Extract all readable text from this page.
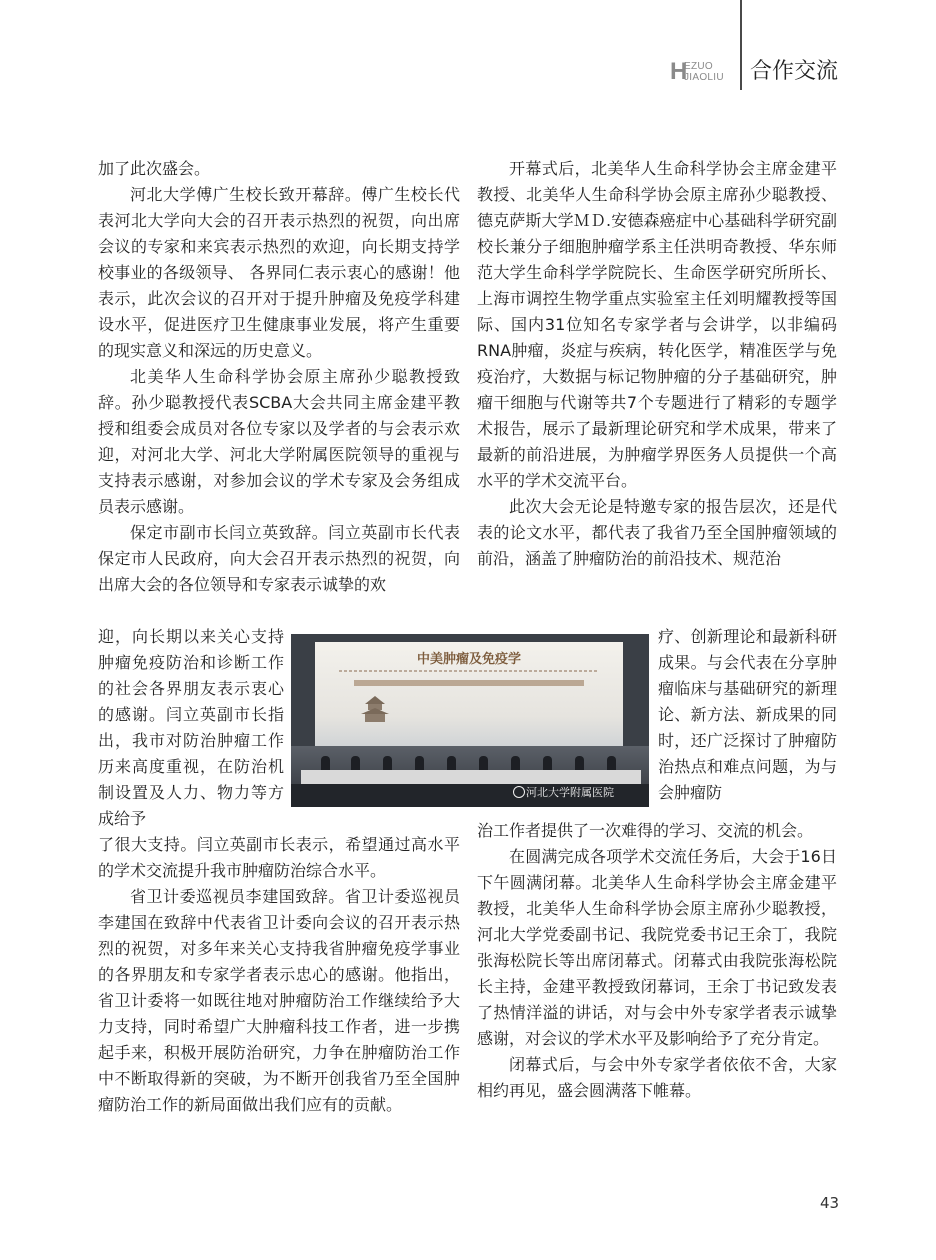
H
EZUO
JIAOLIU 合作交流

加了此次盛会。

河北大学傅广生校长致开幕辞。傅广生校长代表河北大学向大会的召开表示热烈的祝贺，向出席会议的专家和来宾表示热烈的欢迎，向长期支持学校事业的各级领导、 各界同仁表示衷心的感谢！他表示，此次会议的召开对于提升肿瘤及免疫学科建设水平，促进医疗卫生健康事业发展，将产生重要的现实意义和深远的历史意义。

北美华人生命科学协会原主席孙少聪教授致辞。孙少聪教授代表SCBA大会共同主席金建平教授和组委会成员对各位专家以及学者的与会表示欢迎，对河北大学、河北大学附属医院领导的重视与支持表示感谢，对参加会议的学术专家及会务组成员表示感谢。

保定市副市长闫立英致辞。闫立英副市长代表保定市人民政府，向大会召开表示热烈的祝贺，向出席大会的各位领导和专家表示诚挚的欢

迎，向长期以来关心支持肿瘤免疫防治和诊断工作的社会各界朋友表示衷心的感谢。闫立英副市长指出，我市对防治肿瘤工作历来高度重视，在防治机制设置及人力、物力等方成给予

了很大支持。闫立英副市长表示，希望通过高水平的学术交流提升我市肿瘤防治综合水平。

省卫计委巡视员李建国致辞。省卫计委巡视员李建国在致辞中代表省卫计委向会议的召开表示热烈的祝贺，对多年来关心支持我省肿瘤免疫学事业的各界朋友和专家学者表示忠心的感谢。他指出，省卫计委将一如既往地对肿瘤防治工作继续给予大力支持，同时希望广大肿瘤科技工作者，进一步携起手来，积极开展防治研究，力争在肿瘤防治工作中不断取得新的突破，为不断开创我省乃至全国肿瘤防治工作的新局面做出我们应有的贡献。

开幕式后，北美华人生命科学协会主席金建平教授、北美华人生命科学协会原主席孙少聪教授、德克萨斯大学ＭＤ.安德森癌症中心基础科学研究副校长兼分子细胞肿瘤学系主任洪明奇教授、华东师范大学生命科学学院院长、生命医学研究所所长、上海市调控生物学重点实验室主任刘明耀教授等国际、国内31位知名专家学者与会讲学，以非编码RNA肿瘤，炎症与疾病，转化医学，精准医学与免疫治疗，大数据与标记物肿瘤的分子基础研究，肿瘤干细胞与代谢等共7个专题进行了精彩的专题学术报告，展示了最新理论研究和学术成果，带来了最新的前沿进展，为肿瘤学界医务人员提供一个高水平的学术交流平台。

此次大会无论是特邀专家的报告层次，还是代表的论文水平，都代表了我省乃至全国肿瘤领域的前沿，涵盖了肿瘤防治的前沿技术、规范治

疗、创新理论和最新科研成果。与会代表在分享肿瘤临床与基础研究的新理论、新方法、新成果的同时，还广泛探讨了肿瘤防治热点和难点问题，为与会肿瘤防

治工作者提供了一次难得的学习、交流的机会。

在圆满完成各项学术交流任务后，大会于16日下午圆满闭幕。北美华人生命科学协会主席金建平教授，北美华人生命科学协会原主席孙少聪教授，河北大学党委副书记、我院党委书记王余丁，我院张海松院长等出席闭幕式。闭幕式由我院张海松院长主持，金建平教授致闭幕词，王余丁书记致发表了热情洋溢的讲话，对与会中外专家学者表示诚挚感谢，对会议的学术水平及影响给予了充分肯定。

闭幕式后，与会中外专家学者依依不舍，大家相约再见，盛会圆满落下帷幕。

中美肿瘤及免疫学
河北大学附属医院
43
